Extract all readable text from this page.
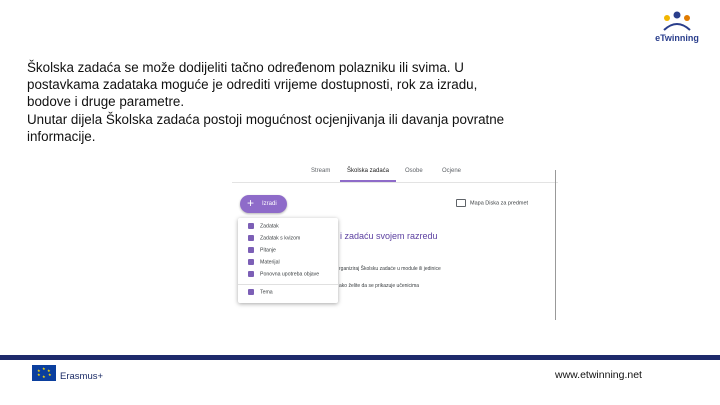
eTwinning

Školska zadaća se može dodijeliti tačno određenom polazniku ili svima. U

postavkama zadataka moguće je odrediti vrijeme dostupnosti, rok za izradu,

bodove i druge parametre.

Unutar dijela Školska zadaća postoji mogućnost ocjenjivanja ili davanja povratne

informacije.

Stream	Školska zadaća	Osobe	Ocjene
+ Izradi	Mapa Diska za predmet
Zadatak
Zadatak s kvizom
Pitanje
Materijal
Ponovna upotreba objave
Tema
i zadaću svojem razredu
rganiziraj Školsku zadaće u module ili jedinice
ako želite da se prikazuje učenicima
★ ★
★
★
★
★
Erasmus+	www.etwinning.net
